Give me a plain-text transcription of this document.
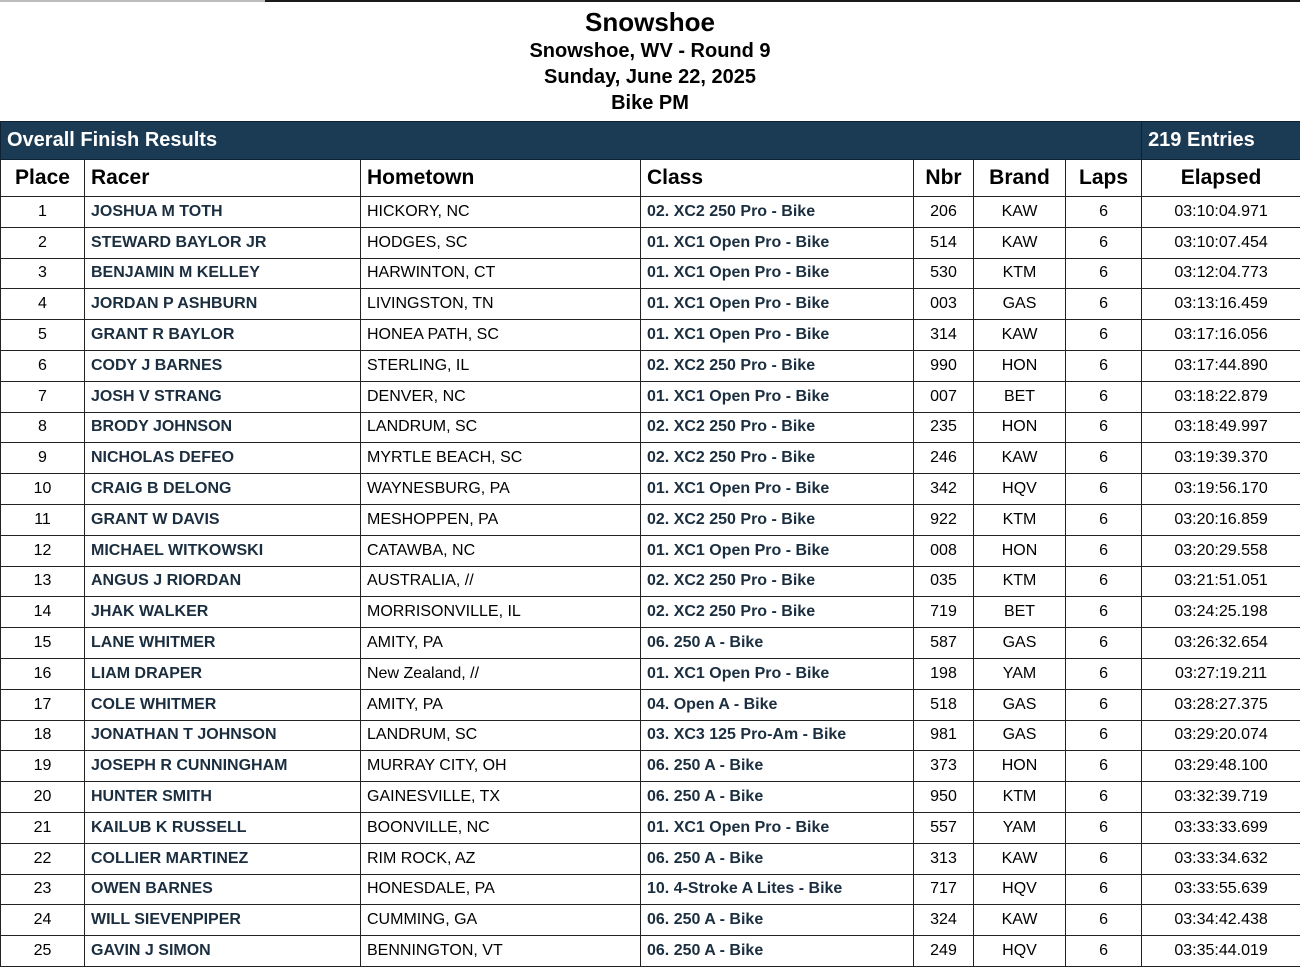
Snowshoe
Snowshoe, WV - Round 9
Sunday, June 22, 2025
Bike PM
Overall Finish Results							219 Entries
Place	Racer	Hometown	Class	Nbr	Brand	Laps	Elapsed
1	JOSHUA M TOTH	HICKORY, NC	02. XC2 250 Pro - Bike	206	KAW	6	03:10:04.971
2	STEWARD BAYLOR JR	HODGES, SC	01. XC1 Open Pro - Bike	514	KAW	6	03:10:07.454
3	BENJAMIN M KELLEY	HARWINTON, CT	01. XC1 Open Pro - Bike	530	KTM	6	03:12:04.773
4	JORDAN P ASHBURN	LIVINGSTON, TN	01. XC1 Open Pro - Bike	003	GAS	6	03:13:16.459
5	GRANT R BAYLOR	HONEA PATH, SC	01. XC1 Open Pro - Bike	314	KAW	6	03:17:16.056
6	CODY J BARNES	STERLING, IL	02. XC2 250 Pro - Bike	990	HON	6	03:17:44.890
7	JOSH V STRANG	DENVER, NC	01. XC1 Open Pro - Bike	007	BET	6	03:18:22.879
8	BRODY JOHNSON	LANDRUM, SC	02. XC2 250 Pro - Bike	235	HON	6	03:18:49.997
9	NICHOLAS DEFEO	MYRTLE BEACH, SC	02. XC2 250 Pro - Bike	246	KAW	6	03:19:39.370
10	CRAIG B DELONG	WAYNESBURG, PA	01. XC1 Open Pro - Bike	342	HQV	6	03:19:56.170
11	GRANT W DAVIS	MESHOPPEN, PA	02. XC2 250 Pro - Bike	922	KTM	6	03:20:16.859
12	MICHAEL WITKOWSKI	CATAWBA, NC	01. XC1 Open Pro - Bike	008	HON	6	03:20:29.558
13	ANGUS J RIORDAN	AUSTRALIA, //	02. XC2 250 Pro - Bike	035	KTM	6	03:21:51.051
14	JHAK WALKER	MORRISONVILLE, IL	02. XC2 250 Pro - Bike	719	BET	6	03:24:25.198
15	LANE WHITMER	AMITY, PA	06. 250 A - Bike	587	GAS	6	03:26:32.654
16	LIAM DRAPER	New Zealand, //	01. XC1 Open Pro - Bike	198	YAM	6	03:27:19.211
17	COLE WHITMER	AMITY, PA	04. Open A - Bike	518	GAS	6	03:28:27.375
18	JONATHAN T JOHNSON	LANDRUM, SC	03. XC3 125 Pro-Am - Bike	981	GAS	6	03:29:20.074
19	JOSEPH R CUNNINGHAM	MURRAY CITY, OH	06. 250 A - Bike	373	HON	6	03:29:48.100
20	HUNTER SMITH	GAINESVILLE, TX	06. 250 A - Bike	950	KTM	6	03:32:39.719
21	KAILUB K RUSSELL	BOONVILLE, NC	01. XC1 Open Pro - Bike	557	YAM	6	03:33:33.699
22	COLLIER MARTINEZ	RIM ROCK, AZ	06. 250 A - Bike	313	KAW	6	03:33:34.632
23	OWEN BARNES	HONESDALE, PA	10. 4-Stroke A Lites - Bike	717	HQV	6	03:33:55.639
24	WILL SIEVENPIPER	CUMMING, GA	06. 250 A - Bike	324	KAW	6	03:34:42.438
25	GAVIN J SIMON	BENNINGTON, VT	06. 250 A - Bike	249	HQV	6	03:35:44.019
